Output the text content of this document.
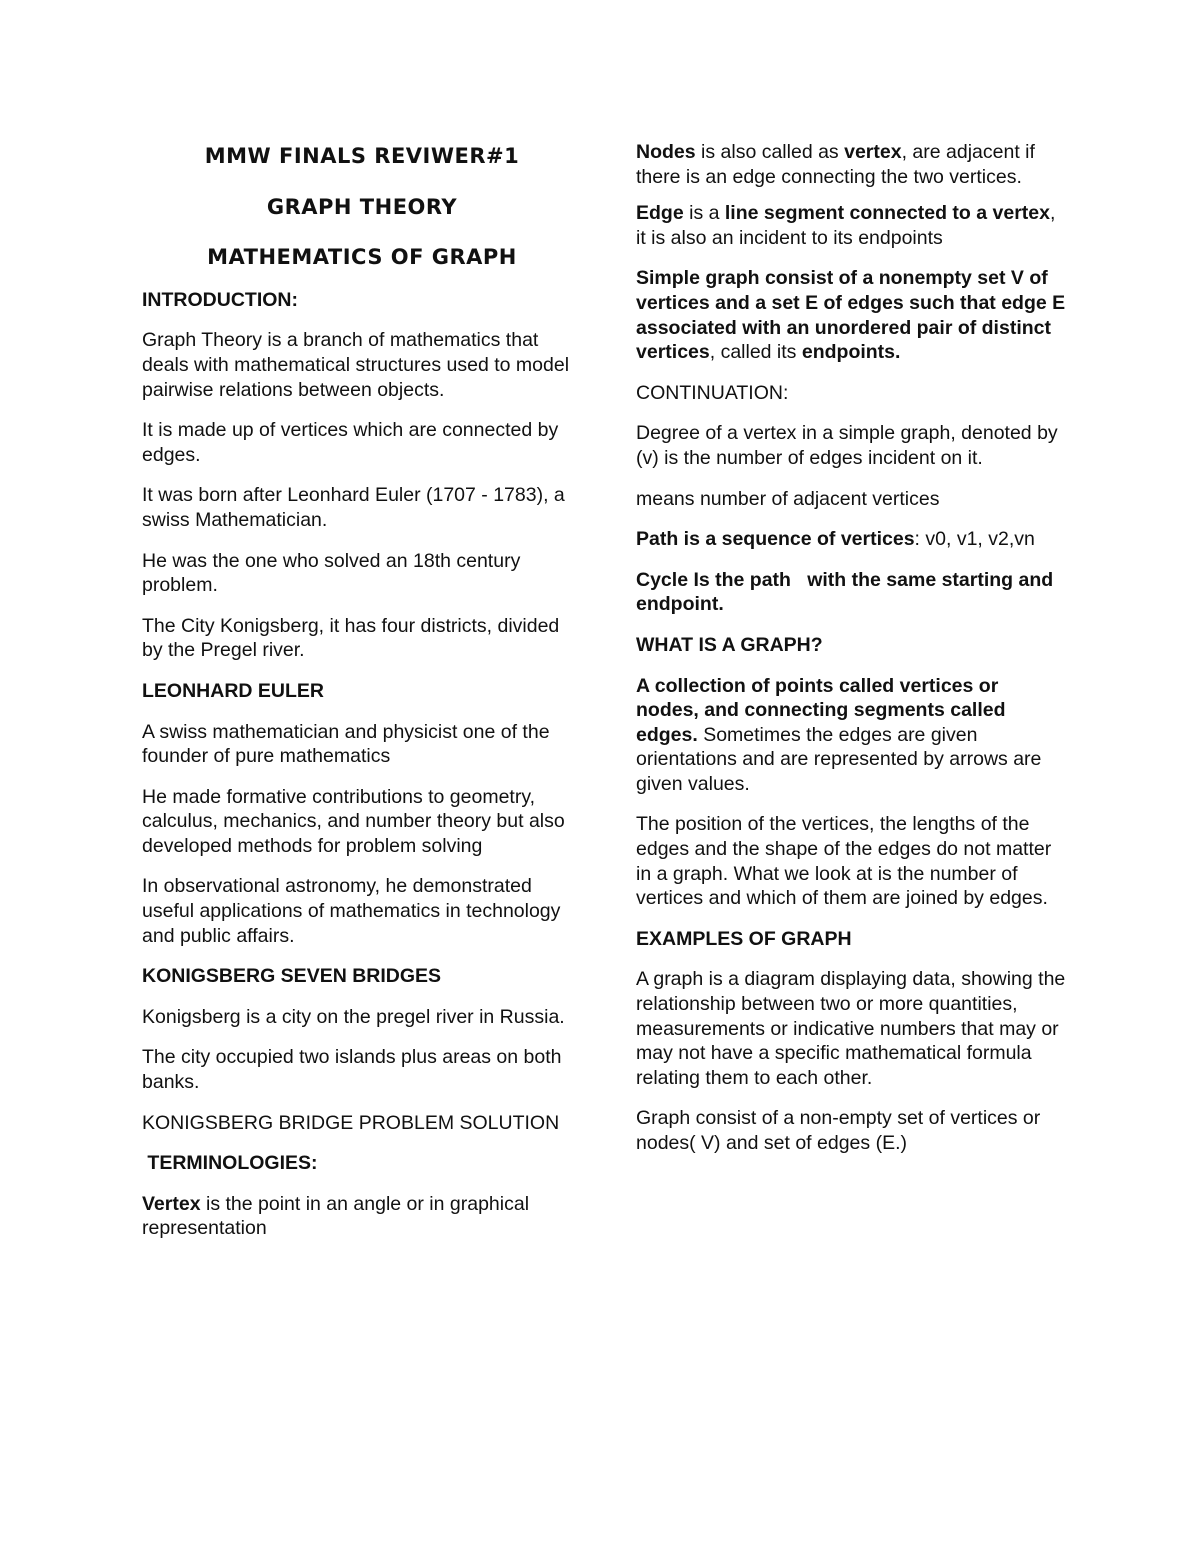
MMW FINALS REVIWER#1

GRAPH THEORY

MATHEMATICS OF GRAPH

INTRODUCTION:

Graph Theory is a branch of mathematics that deals with mathematical structures used to model pairwise relations between objects.

It is made up of vertices which are connected by edges.

It was born after Leonhard Euler (1707 - 1783), a swiss Mathematician.

He was the one who solved an 18th century problem.

The City Konigsberg, it has four districts, divided by the Pregel river.

LEONHARD EULER

A swiss mathematician and physicist one of the founder of pure mathematics

He made formative contributions to geometry, calculus, mechanics, and number theory but also developed methods for problem solving

In observational astronomy, he demonstrated useful applications of mathematics in technology and public affairs.

KONIGSBERG SEVEN BRIDGES

Konigsberg is a city on the pregel river in Russia.

The city occupied two islands plus areas on both banks.

KONIGSBERG BRIDGE PROBLEM SOLUTION

TERMINOLOGIES:

Vertex is the point in an angle or in graphical representation

Nodes is also called as vertex, are adjacent if there is an edge connecting the two vertices.

Edge is a line segment connected to a vertex, it is also an incident to its endpoints

Simple graph consist of a nonempty set V of vertices and a set E of edges such that edge E associated with an unordered pair of distinct vertices, called its endpoints.

CONTINUATION:

Degree of a vertex in a simple graph, denoted by (v) is the number of edges incident on it.

means number of adjacent vertices

Path is a sequence of vertices: v0, v1, v2,vn

Cycle Is the path   with the same starting and endpoint.

WHAT IS A GRAPH?

A collection of points called vertices or nodes, and connecting segments called edges. Sometimes the edges are given orientations and are represented by arrows are given values.

The position of the vertices, the lengths of the edges and the shape of the edges do not matter in a graph. What we look at is the number of vertices and which of them are joined by edges.

EXAMPLES OF GRAPH

A graph is a diagram displaying data, showing the relationship between two or more quantities, measurements or indicative numbers that may or may not have a specific mathematical formula relating them to each other.

Graph consist of a non-empty set of vertices or nodes( V) and set of edges (E.)
